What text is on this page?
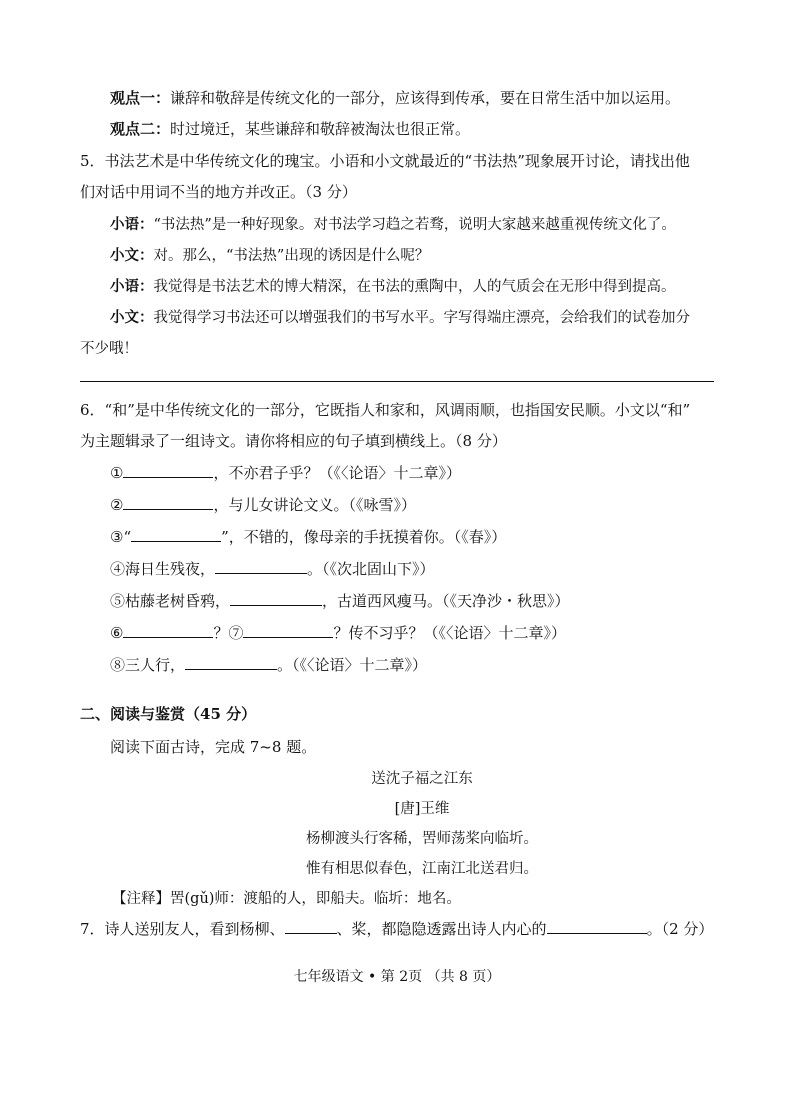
观点一：谦辞和敬辞是传统文化的一部分，应该得到传承，要在日常生活中加以运用。
观点二：时过境迁，某些谦辞和敬辞被淘汰也很正常。
5．书法艺术是中华传统文化的瑰宝。小语和小文就最近的“书法热”现象展开讨论，请找出他
们对话中用词不当的地方并改正。（3 分）
小语：“书法热”是一种好现象。对书法学习趋之若骛，说明大家越来越重视传统文化了。
小文：对。那么，“书法热”出现的诱因是什么呢？
小语：我觉得是书法艺术的博大精深，在书法的熏陶中，人的气质会在无形中得到提高。
小文：我觉得学习书法还可以增强我们的书写水平。字写得端庄漂亮，会给我们的试卷加分
不少哦！
6．“和”是中华传统文化的一部分，它既指人和家和，风调雨顺，也指国安民顺。小文以“和”
为主题辑录了一组诗文。请你将相应的句子填到横线上。（8 分）
①	，不亦君子乎？（《〈论语〉十二章》）
②	，与儿女讲论文义。（《咏雪》）
③“	”，不错的，像母亲的手抚摸着你。（《春》）
④海日生残夜，	。（《次北固山下》）
⑤枯藤老树昏鸦，	，古道西风瘦马。（《天净沙・秋思》）
⑥	？⑦	？传不习乎？（《〈论语〉十二章》）
⑧三人行，	。（《〈论语〉十二章》）
二、阅读与鉴赏（45 分）
阅读下面古诗，完成 7~8 题。
送沈子福之江东
[唐]王维
杨柳渡头行客稀，罟师荡桨向临圻。
惟有相思似春色，江南江北送君归。
【注释】罟(gǔ)师：渡船的人，即船夫。临圻：地名。
7．诗人送别友人，看到杨柳、	、桨，都隐隐透露出诗人内心的	。（2 分）
七年级语文 • 第 2页 （共 8 页）
